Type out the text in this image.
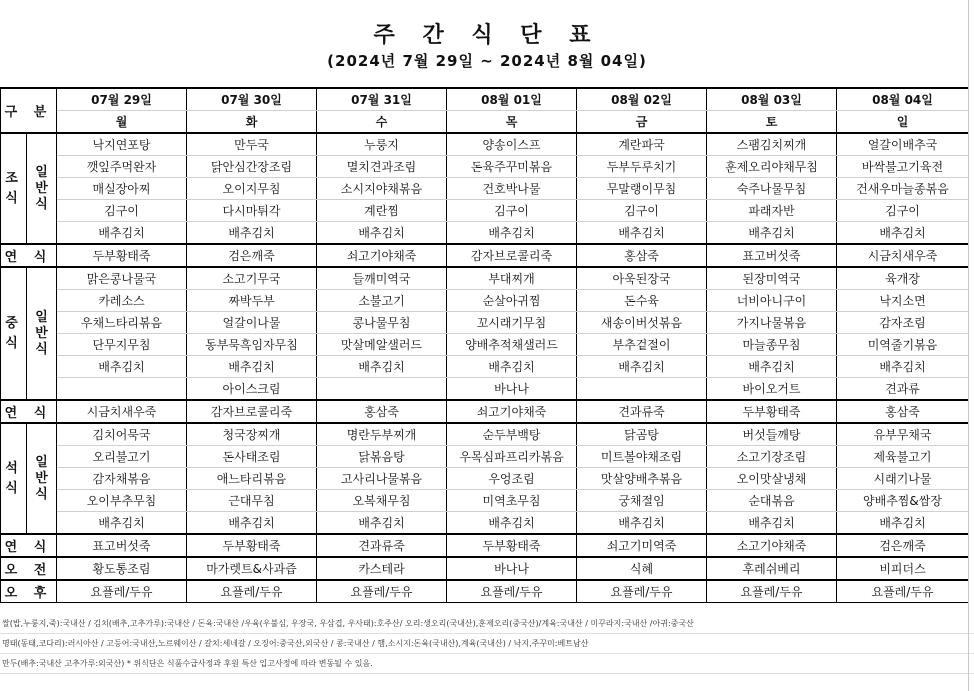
주 간 식 단 표
(2024년 7월 29일 ~ 2024년 8월 04일)
구 분		07월 29일	07월 30일	07월 31일	08월 01일	08월 02일	08월 03일	08월 04일
		월	화	수	목	금	토	일
조 식	일 반 식	낙지연포탕	만두국	누룽지	양송이스프	계란파국	스팸김치찌개	얼갈이배추국
		깻잎주먹완자	닭안심간장조림	멸치견과조림	돈육주꾸미볶음	두부두루치기	훈제오리야채무침	바싹불고기육전
		매실장아찌	오이지무침	소시지야채볶음	건호박나물	무말랭이무침	숙주나물무침	건새우마늘종볶음
		김구이	다시마튀각	계란찜	김구이	김구이	파래자반	김구이
		배추김치	배추김치	배추김치	배추김치	배추김치	배추김치	배추김치
연 식		두부황태죽	검은깨죽	쇠고기야채죽	감자브로콜리죽	홍삼죽	표고버섯죽	시금치새우죽
중 식	일 반 식	맑은콩나물국	소고기무국	들깨미역국	부대찌개	아욱된장국	된장미역국	육개장
		카레소스	짜박두부	소불고기	순살아귀찜	돈수육	너비아니구이	낙지소면
		우채느타리볶음	얼갈이나물	콩나물무침	꼬시래기무침	새송이버섯볶음	가지나물볶음	감자조림
		단무지무침	동부묵흑임자무침	맛살메알샐러드	양배추적채샐러드	부추겉절이	마늘종무침	미역줄기볶음
		배추김치	배추김치	배추김치	배추김치	배추김치	배추김치	배추김치
			아이스크림		바나나		바이오거트	견과류
연 식		시금치새우죽	감자브로콜리죽	홍삼죽	쇠고기야채죽	견과류죽	두부황태죽	홍삼죽
석 식	일 반 식	김치어묵국	청국장찌개	명란두부찌개	순두부백탕	닭곰탕	버섯들깨탕	유부무채국
		오리불고기	돈사태조림	닭볶음탕	우목심파프리카볶음	미트볼야채조림	소고기장조림	제육불고기
		감자채볶음	애느타리볶음	고사리나물볶음	우엉조림	맛살양배추볶음	오이맛살냉채	시래기나물
		오이부추무침	근대무침	오복채무침	미역초무침	궁채절임	순대볶음	양배추찜&쌈장
		배추김치	배추김치	배추김치	배추김치	배추김치	배추김치	배추김치
연 식		표고버섯죽	두부황태죽	견과류죽	두부황태죽	쇠고기미역죽	소고기야채죽	검은깨죽
오 전		황도통조림	마가렛트&사과즙	카스테라	바나나	식혜	후레쉬베리	비피더스
오 후		요플레/두유	요플레/두유	요플레/두유	요플레/두유	요플레/두유	요플레/두유	요플레/두유
쌀(밥,누룽지,죽):국내산 / 김치(배추,고추가루):국내산 / 돈육:국내산 /우육(우불심, 우장국, 우삼겹, 우사태):호주산/ 오리:생오리(국내산),훈제오리(중국산)/계육:국내산 / 미꾸라지:국내산 /아귀:중국산
명태(동태,코다리):러시아산 / 고등어:국내산,노르웨이산 / 갈치:세네갈 / 오징어:중국산,외국산 / 콩:국내산 / 햄,소시지:돈육(국내산),계육(국내산) / 낙지,주꾸미:베트남산
만두(배추:국내산 고추가루:외국산) * 위식단은 식품수급사정과 후원 특산 입고사정에 따라 변동될 수 있음.
